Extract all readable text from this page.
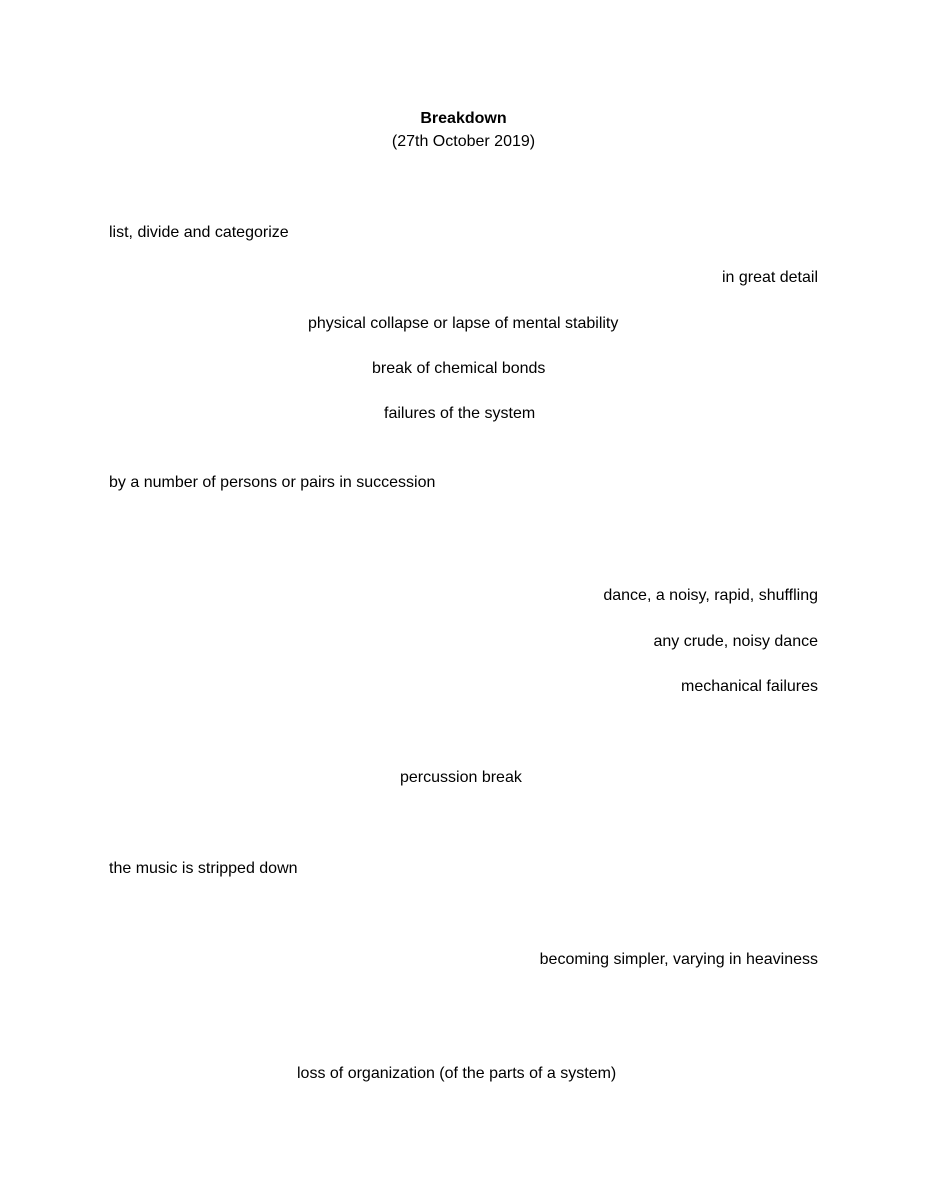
Breakdown

(27th October 2019)

list, divide and categorize

in great detail

physical collapse or lapse of mental stability

break of chemical bonds

failures of the system

by a number of persons or pairs in succession

dance, a noisy, rapid, shuffling

any crude, noisy dance

mechanical failures

percussion break

the music is stripped down

becoming simpler, varying in heaviness

loss of organization (of the parts of a system)
